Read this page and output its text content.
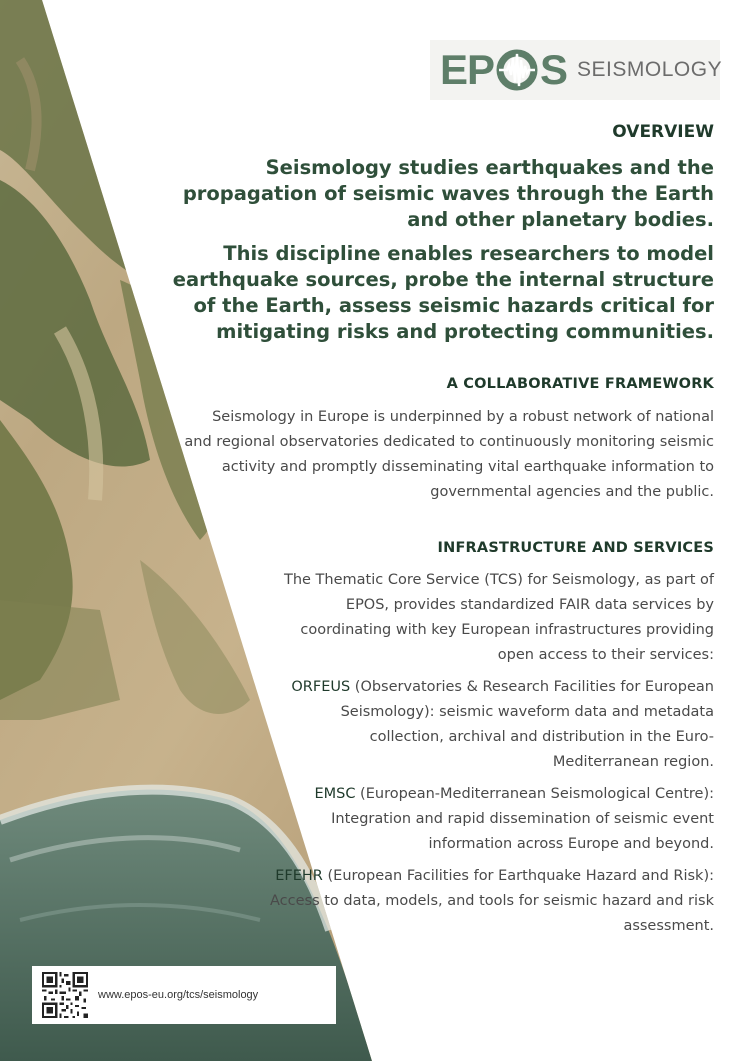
EP S SEISMOLOGY
OVERVIEW

Seismology studies earthquakes and the propagation of seismic waves through the Earth and other planetary bodies.

This discipline enables researchers to model earthquake sources, probe the internal structure of the Earth, assess seismic hazards critical for mitigating risks and protecting communities.

A COLLABORATIVE FRAMEWORK

Seismology in Europe is underpinned by a robust network of national and regional observatories dedicated to continuously monitoring seismic activity and promptly disseminating vital earthquake information to governmental agencies and the public.

INFRASTRUCTURE AND SERVICES

The Thematic Core Service (TCS) for Seismology, as part of EPOS, provides standardized FAIR data services by coordinating with key European infrastructures providing open access to their services:

ORFEUS (Observatories & Research Facilities for European Seismology): seismic waveform data and metadata collection, archival and distribution in the Euro-Mediterranean region.

EMSC (European-Mediterranean Seismological Centre): Integration and rapid dissemination of seismic event information across Europe and beyond.

EFEHR (European Facilities for Earthquake Hazard and Risk): Access to data, models, and tools for seismic hazard and risk assessment.

www.epos-eu.org/tcs/seismology
